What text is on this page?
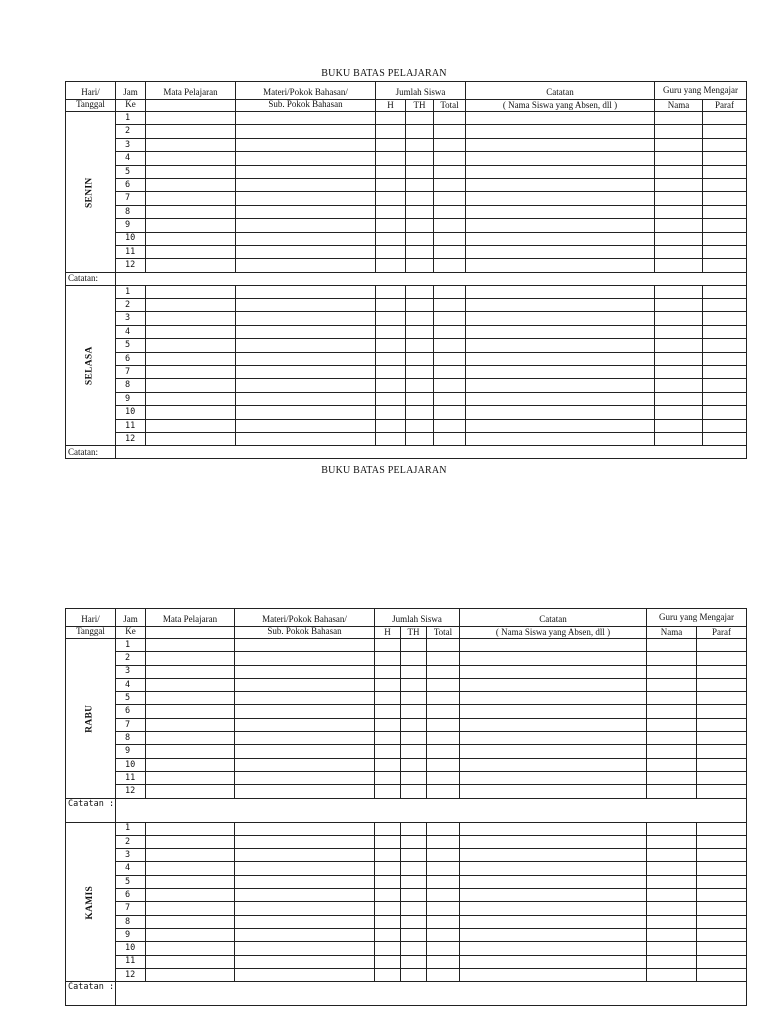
BUKU BATAS PELAJARAN
Hari/	Jam	Mata Pelajaran	Materi/Pokok Bahasan/	Jumlah Siswa			Catatan	Guru yang Mengajar	
Tanggal	Ke		Sub. Pokok Bahasan	H	TH	Total	( Nama Siswa yang Absen, dll )	Nama	Paraf
SENIN	1								
	2								
	3								
	4								
	5								
	6								
	7								
	8								
	9								
	10								
	11								
	12								
Catatan:									
SELASA	1								
	2								
	3								
	4								
	5								
	6								
	7								
	8								
	9								
	10								
	11								
	12								
Catatan:									
BUKU BATAS PELAJARAN
Hari/	Jam	Mata Pelajaran	Materi/Pokok Bahasan/	Jumlah Siswa			Catatan	Guru yang Mengajar	
Tanggal	Ke		Sub. Pokok Bahasan	H	TH	Total	( Nama Siswa yang Absen, dll )	Nama	Paraf
RABU	1								
	2								
	3								
	4								
	5								
	6								
	7								
	8								
	9								
	10								
	11								
	12								
Catatan :									
KAMIS	1								
	2								
	3								
	4								
	5								
	6								
	7								
	8								
	9								
	10								
	11								
	12								
Catatan :									
